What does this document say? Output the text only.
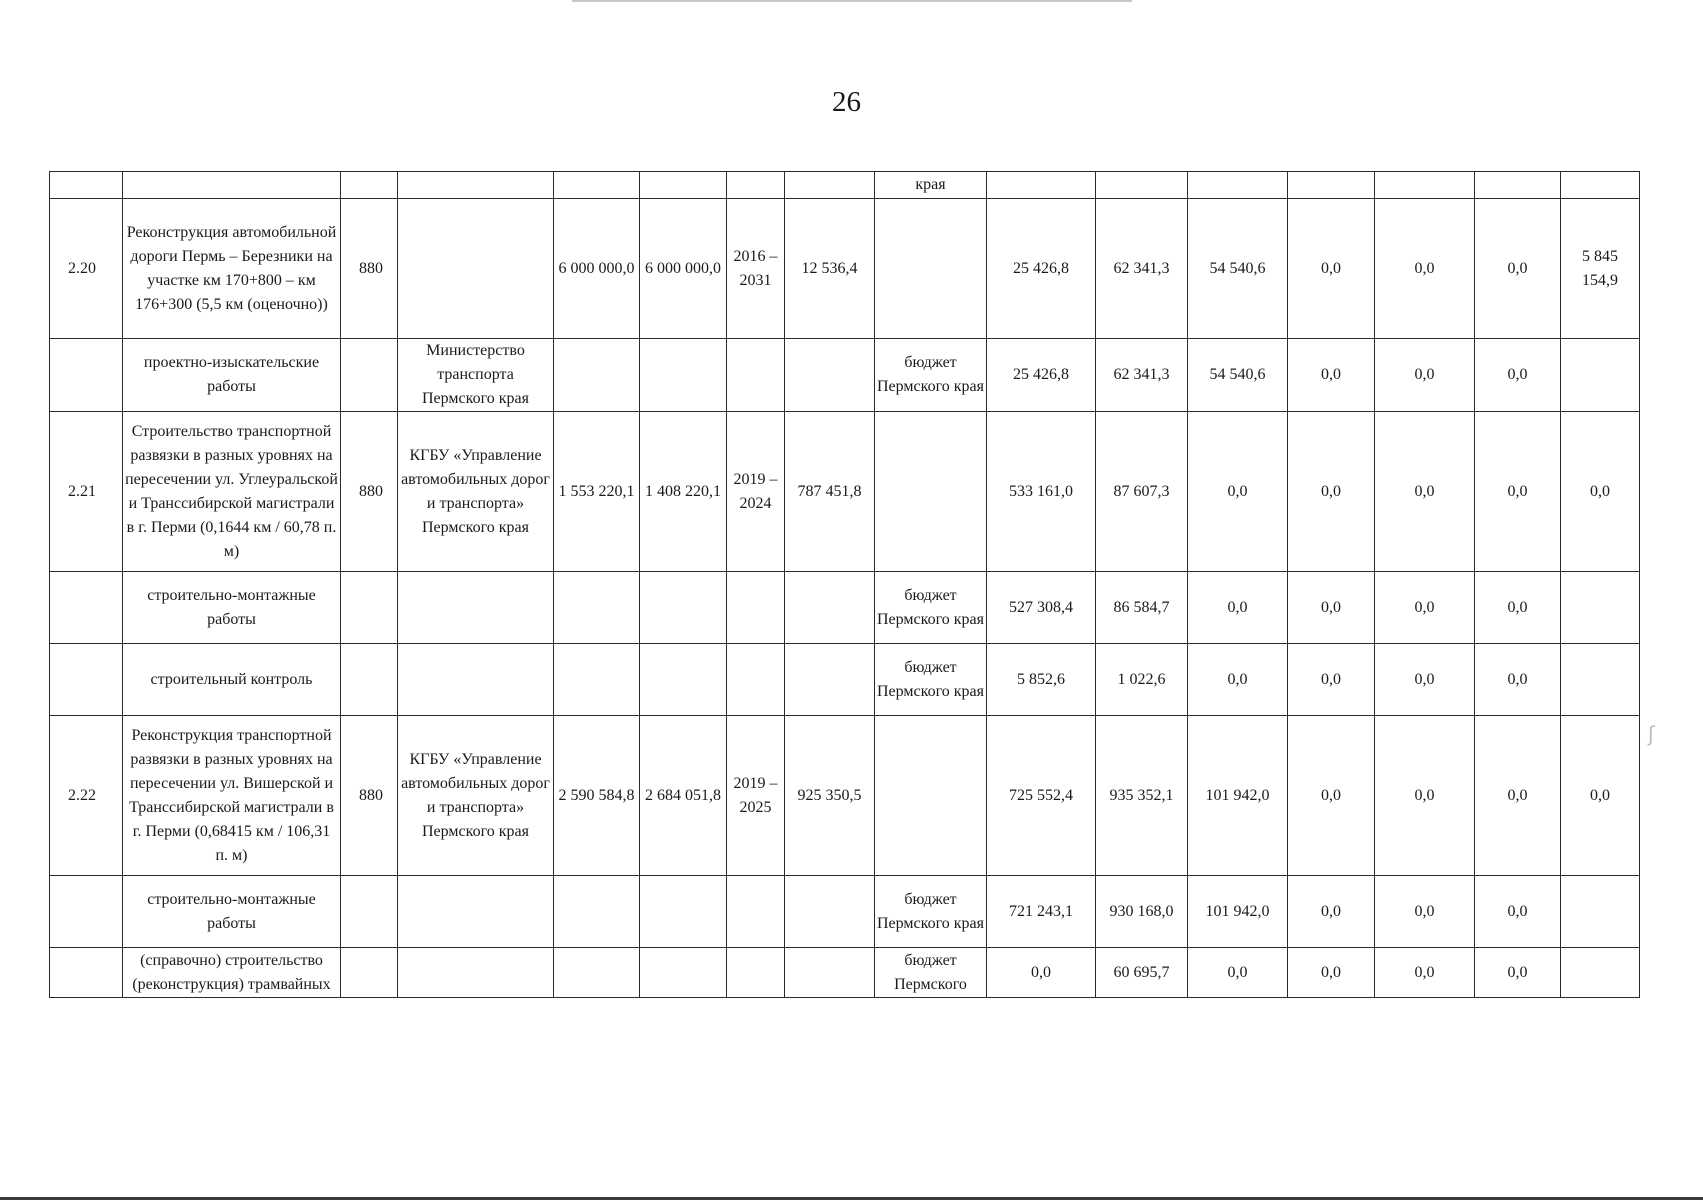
26
								края							
2.20	Реконструкция автомобильной дороги Пермь – Березники на участке км 170+800 – км 176+300 (5,5 км (оценочно))	880		6 000 000,0	6 000 000,0	2016 – 2031	12 536,4		25 426,8	62 341,3	54 540,6	0,0	0,0	0,0	5 845 154,9
	проектно-изыскательские работы		Министерство транспорта Пермского края					бюджет Пермского края	25 426,8	62 341,3	54 540,6	0,0	0,0	0,0	
2.21	Строительство транспортной развязки в разных уровнях на пересечении ул. Углеуральской и Транссибирской магистрали в г. Перми (0,1644 км / 60,78 п. м)	880	КГБУ «Управление автомобильных дорог и транспорта» Пермского края	1 553 220,1	1 408 220,1	2019 – 2024	787 451,8		533 161,0	87 607,3	0,0	0,0	0,0	0,0	0,0
	строительно-монтажные работы							бюджет Пермского края	527 308,4	86 584,7	0,0	0,0	0,0	0,0	
	строительный контроль							бюджет Пермского края	5 852,6	1 022,6	0,0	0,0	0,0	0,0	
2.22	Реконструкция транспортной развязки в разных уровнях на пересечении ул. Вишерской и Транссибирской магистрали в г. Перми (0,68415 км / 106,31 п. м)	880	КГБУ «Управление автомобильных дорог и транспорта» Пермского края	2 590 584,8	2 684 051,8	2019 – 2025	925 350,5		725 552,4	935 352,1	101 942,0	0,0	0,0	0,0	0,0
	строительно-монтажные работы							бюджет Пермского края	721 243,1	930 168,0	101 942,0	0,0	0,0	0,0	
	(справочно) строительство (реконструкция) трамвайных							бюджет Пермского	0,0	60 695,7	0,0	0,0	0,0	0,0	
ʃ
